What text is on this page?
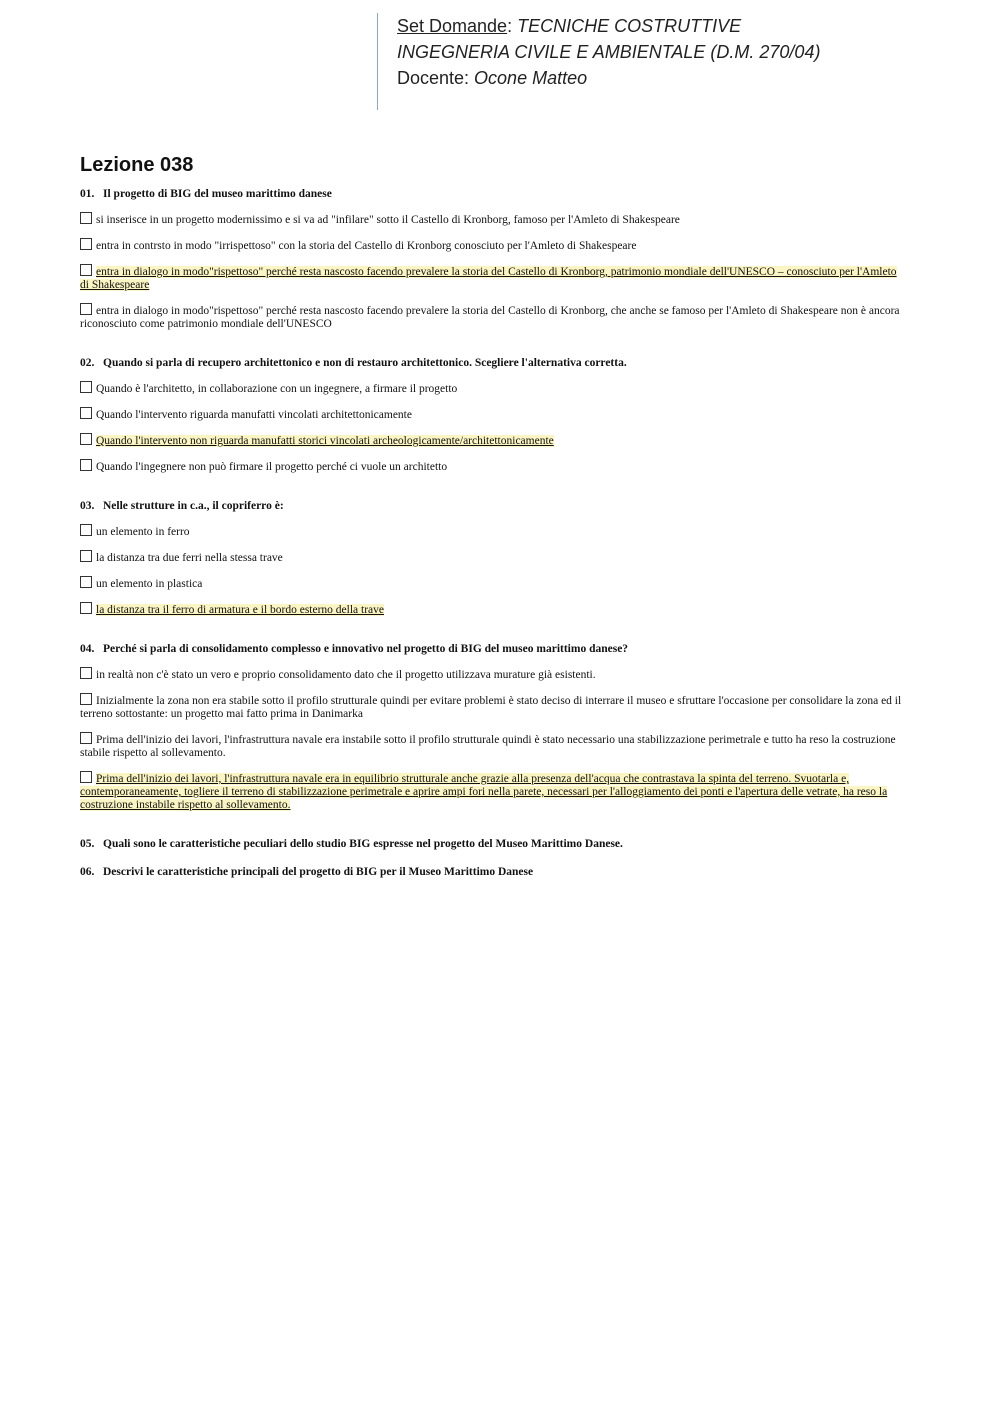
Set Domande: TECNICHE COSTRUTTIVE
INGEGNERIA CIVILE E AMBIENTALE (D.M. 270/04)
Docente: Ocone Matteo
Lezione 038
01. Il progetto di BIG del museo marittimo danese
si inserisce in un progetto modernissimo e si va ad "infilare" sotto il Castello di Kronborg, famoso per l'Amleto di Shakespeare
entra in contrsto in modo "irrispettoso" con la storia del Castello di Kronborg conosciuto per l'Amleto di Shakespeare
entra in dialogo in modo"rispettoso" perché resta nascosto facendo prevalere la storia del Castello di Kronborg, patrimonio mondiale dell'UNESCO – conosciuto per l'Amleto di Shakespeare
entra in dialogo in modo"rispettoso" perché resta nascosto facendo prevalere la storia del Castello di Kronborg, che anche se famoso per l'Amleto di Shakespeare non è ancora riconosciuto come patrimonio mondiale dell'UNESCO
02. Quando si parla di recupero architettonico e non di restauro architettonico. Scegliere l'alternativa corretta.
Quando è l'architetto, in collaborazione con un ingegnere, a firmare il progetto
Quando l'intervento riguarda manufatti vincolati architettonicamente
Quando l'intervento non riguarda manufatti storici vincolati archeologicamente/architettonicamente
Quando l'ingegnere non può firmare il progetto perché ci vuole un architetto
03. Nelle strutture in c.a., il copriferro è:
un elemento in ferro
la distanza tra due ferri nella stessa trave
un elemento in plastica
la distanza tra il ferro di armatura e il bordo esterno della trave
04. Perché si parla di consolidamento complesso e innovativo nel progetto di BIG del museo marittimo danese?
in realtà non c'è stato un vero e proprio consolidamento dato che il progetto utilizzava murature già esistenti.
Inizialmente la zona non era stabile sotto il profilo strutturale quindi per evitare problemi è stato deciso di interrare il museo e sfruttare l'occasione per consolidare la zona ed il terreno sottostante: un progetto mai fatto prima in Danimarka
Prima dell'inizio dei lavori, l'infrastruttura navale era instabile sotto il profilo strutturale quindi è stato necessario una stabilizzazione perimetrale e tutto ha reso la costruzione stabile rispetto al sollevamento.
Prima dell'inizio dei lavori, l'infrastruttura navale era in equilibrio strutturale anche grazie alla presenza dell'acqua che contrastava la spinta del terreno. Svuotarla e, contemporaneamente, togliere il terreno di stabilizzazione perimetrale e aprire ampi fori nella parete, necessari per l'alloggiamento dei ponti e l'apertura delle vetrate, ha reso la costruzione instabile rispetto al sollevamento.
05. Quali sono le caratteristiche peculiari dello studio BIG espresse nel progetto del Museo Marittimo Danese.
06. Descrivi le caratteristiche principali del progetto di BIG per il Museo Marittimo Danese
